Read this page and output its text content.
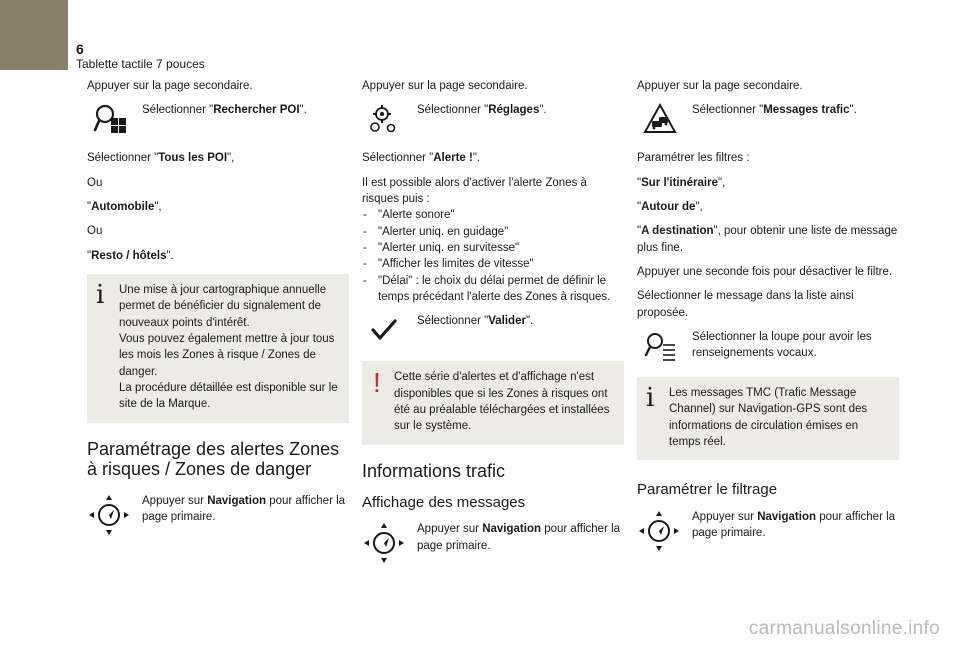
6
Tablette tactile 7 pouces

Appuyer sur la page secondaire.

Sélectionner "Rechercher POI".

Sélectionner "Tous les POI",

Ou

"Automobile",

Ou

"Resto / hôtels".

i Une mise à jour cartographique annuelle permet de bénéficier du signalement de nouveaux points d'intérêt.

Vous pouvez également mettre à jour tous les mois les Zones à risque / Zones de danger.

La procédure détaillée est disponible sur le site de la Marque.

Paramétrage des alertes Zones à risques / Zones de danger
Appuyer sur Navigation pour afficher la page primaire.

Appuyer sur la page secondaire.

Sélectionner "Réglages".

Sélectionner "Alerte !".

Il est possible alors d'activer l'alerte Zones à risques puis :

- "Alerte sonore"
- "Alerter uniq. en guidage"
- "Alerter uniq. en survitesse"
- "Afficher les limites de vitesse"
- "Délai" : le choix du délai permet de définir le temps précédant l'alerte des Zones à risques.
Sélectionner "Valider".
! Cette série d'alertes et d'affichage n'est disponibles que si les Zones à risques ont été au préalable téléchargées et installées sur le système.

Informations trafic
Affichage des messages
Appuyer sur Navigation pour afficher la page primaire.

Appuyer sur la page secondaire.

Sélectionner "Messages trafic".

Paramétrer les filtres :

"Sur l'itinéraire",

"Autour de",

"A destination", pour obtenir une liste de message plus fine.

Appuyer une seconde fois pour désactiver le filtre.

Sélectionner le message dans la liste ainsi proposée.

Sélectionner la loupe pour avoir les renseignements vocaux.
i Les messages TMC (Trafic Message Channel) sur Navigation-GPS sont des informations de circulation émises en temps réel.

Paramétrer le filtrage
Appuyer sur Navigation pour afficher la page primaire.
carmanualsonline.info
